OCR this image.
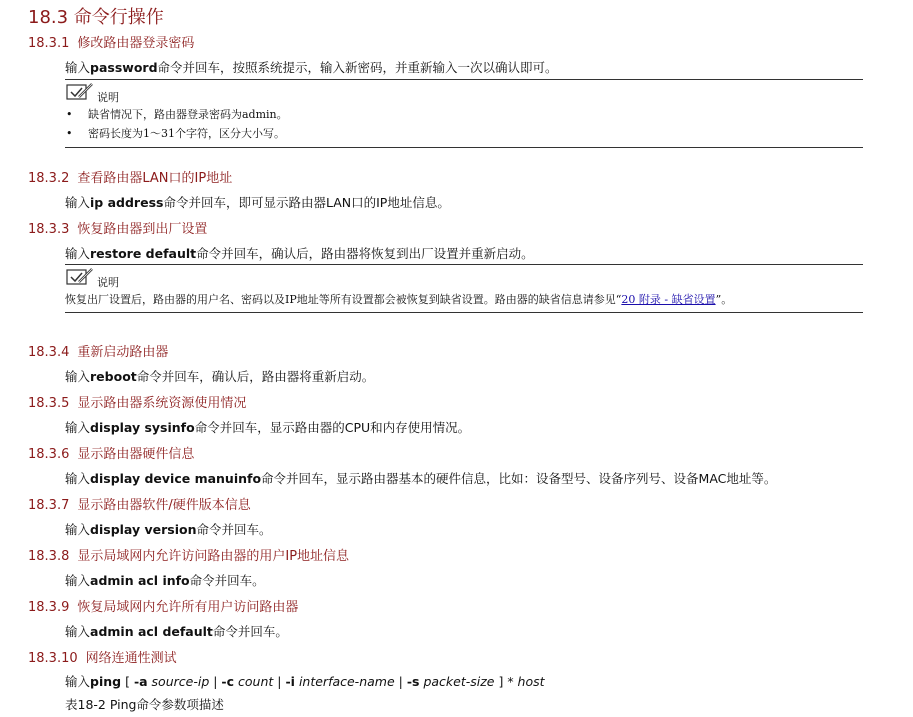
18.3 命令行操作
18.3.1 修改路由器登录密码
输入password命令并回车，按照系统提示，输入新密码，并重新输入一次以确认即可。
说明
• 缺省情况下，路由器登录密码为admin。
• 密码长度为1～31个字符，区分大小写。
18.3.2 查看路由器LAN口的IP地址
输入ip address命令并回车，即可显示路由器LAN口的IP地址信息。
18.3.3 恢复路由器到出厂设置
输入restore default命令并回车，确认后，路由器将恢复到出厂设置并重新启动。
说明
恢复出厂设置后，路由器的用户名、密码以及IP地址等所有设置都会被恢复到缺省设置。路由器的缺省信息请参见“20 附录 - 缺省设置”。
18.3.4 重新启动路由器
输入reboot命令并回车，确认后，路由器将重新启动。
18.3.5 显示路由器系统资源使用情况
输入display sysinfo命令并回车，显示路由器的CPU和内存使用情况。
18.3.6 显示路由器硬件信息
输入display device manuinfo命令并回车，显示路由器基本的硬件信息，比如：设备型号、设备序列号、设备MAC地址等。
18.3.7 显示路由器软件/硬件版本信息
输入display version命令并回车。
18.3.8 显示局域网内允许访问路由器的用户IP地址信息
输入admin acl info命令并回车。
18.3.9 恢复局域网内允许所有用户访问路由器
输入admin acl default命令并回车。
18.3.10 网络连通性测试
输入ping [ -a source-ip | -c count | -i interface-name | -s packet-size ] * host
表18-2 Ping命令参数项描述
